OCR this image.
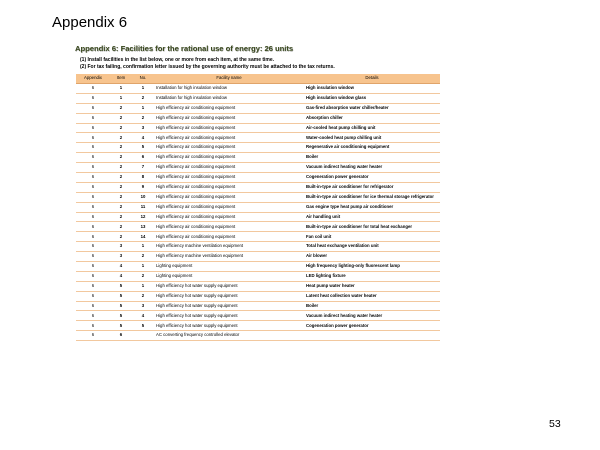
Appendix 6
Appendix 6: Facilities for the rational use of energy: 26 units
(1) Install facilities in the list below, one or more from each item, at the same time.
(2) For tax failing, confirmation letter issued by the governing authority must be attached to the tax returns.
Appendix	Item	No.	Facility name	Details
6	1	1	Installation for high insulation window	High insulation window
6	1	2	Installation for high insulation window	High insulation window glass
6	2	1	High efficiency air conditioning equipment	Gas-fired absorption water chiller/heater
6	2	2	High efficiency air conditioning equipment	Absorption chiller
6	2	3	High efficiency air conditioning equipment	Air-cooled heat pump chilling unit
6	2	4	High efficiency air conditioning equipment	Water-cooled heat pump chilling unit
6	2	5	High efficiency air conditioning equipment	Regenerative air conditioning equipment
6	2	6	High efficiency air conditioning equipment	Boiler
6	2	7	High efficiency air conditioning equipment	Vacuum indirect heating water heater
6	2	8	High efficiency air conditioning equipment	Cogeneration power generator
6	2	9	High efficiency air conditioning equipment	Built-in-type air conditioner for refrigerator
6	2	10	High efficiency air conditioning equipment	Built-in-type air conditioner for ice thermal storage refrigerator
6	2	11	High efficiency air conditioning equipment	Gas engine type heat pump air conditioner
6	2	12	High efficiency air conditioning equipment	Air handling unit
6	2	13	High efficiency air conditioning equipment	Built-in-type air conditioner for total heat exchanger
6	2	14	High efficiency air conditioning equipment	Fan coil unit
6	3	1	High efficiency machine ventilation equipment	Total heat exchange ventilation unit
6	3	2	High efficiency machine ventilation equipment	Air blower
6	4	1	Lighting equipment	High frequency lighting-only fluorescent lamp
6	4	2	Lighting equipment	LED lighting fixture
6	5	1	High efficiency hot water supply equipment	Heat pump water heater
6	5	2	High efficiency hot water supply equipment	Latent heat collection water heater
6	5	3	High efficiency hot water supply equipment	Boiler
6	5	4	High efficiency hot water supply equipment	Vacuum indirect heating water heater
6	5	5	High efficiency hot water supply equipment	Cogeneration power generator
6	6		AC converting frequency controlled elevator	
53
